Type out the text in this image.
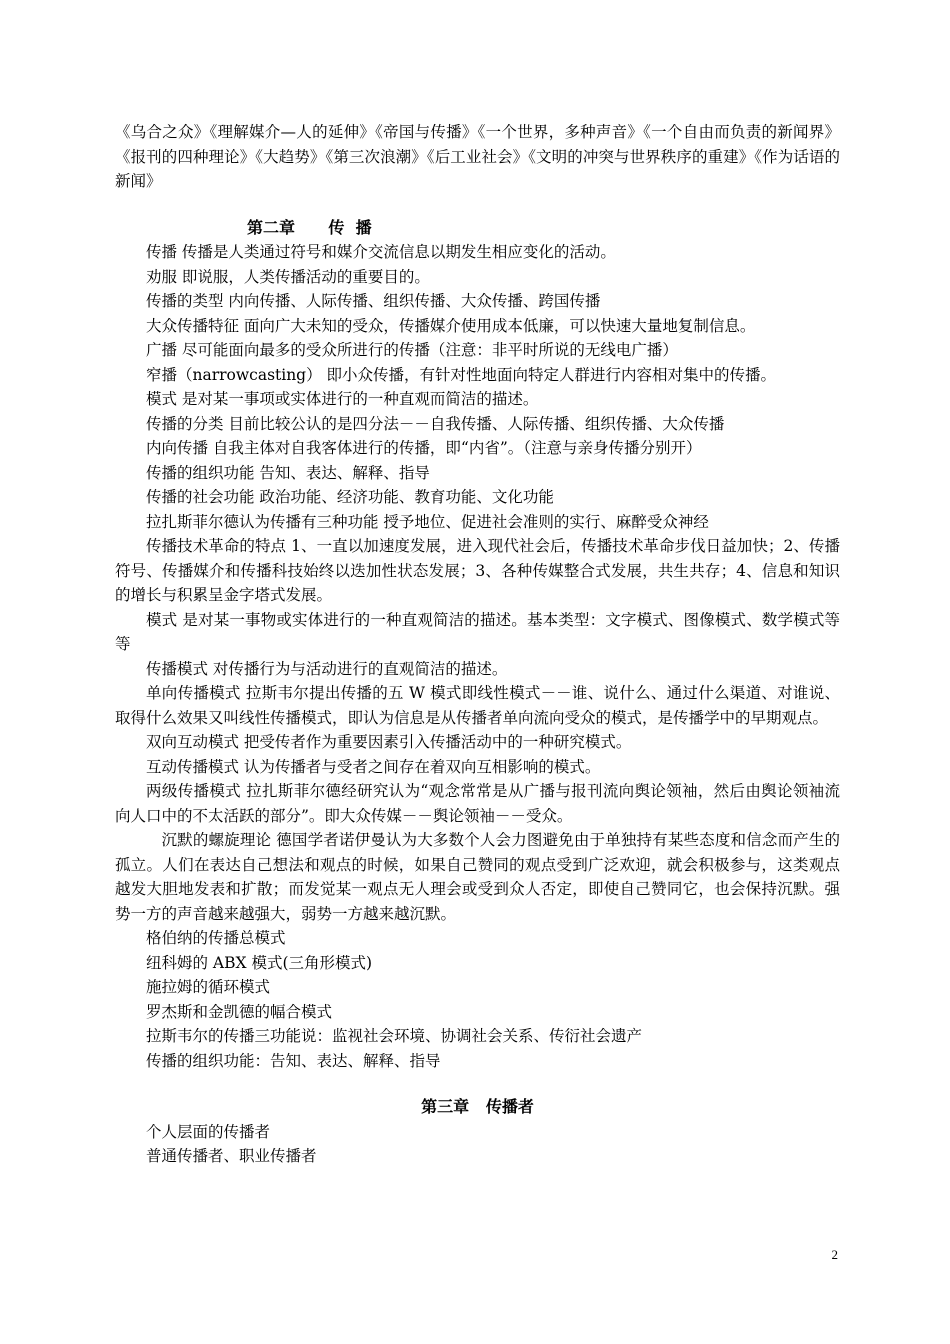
《乌合之众》《理解媒介—人的延伸》《帝国与传播》《一个世界，多种声音》《一个自由而负责的新闻界》《报刊的四种理论》《大趋势》《第三次浪潮》《后工业社会》《文明的冲突与世界秩序的重建》《作为话语的新闻》

第二章      传  播

传播 传播是人类通过符号和媒介交流信息以期发生相应变化的活动。

劝服 即说服，人类传播活动的重要目的。

传播的类型 内向传播、人际传播、组织传播、大众传播、跨国传播

大众传播特征 面向广大未知的受众，传播媒介使用成本低廉，可以快速大量地复制信息。

广播 尽可能面向最多的受众所进行的传播（注意：非平时所说的无线电广播）

窄播（narrowcasting） 即小众传播，有针对性地面向特定人群进行内容相对集中的传播。

模式 是对某一事项或实体进行的一种直观而简洁的描述。

传播的分类 目前比较公认的是四分法－－自我传播、人际传播、组织传播、大众传播

内向传播 自我主体对自我客体进行的传播，即“内省”。（注意与亲身传播分别开）

传播的组织功能 告知、表达、解释、指导

传播的社会功能 政治功能、经济功能、教育功能、文化功能

拉扎斯菲尔德认为传播有三种功能 授予地位、促进社会准则的实行、麻醉受众神经

传播技术革命的特点 1、一直以加速度发展，进入现代社会后，传播技术革命步伐日益加快；2、传播符号、传播媒介和传播科技始终以迭加性状态发展；3、各种传媒整合式发展，共生共存；4、信息和知识的增长与积累呈金字塔式发展。

模式 是对某一事物或实体进行的一种直观简洁的描述。基本类型：文字模式、图像模式、数学模式等等

传播模式 对传播行为与活动进行的直观简洁的描述。

单向传播模式 拉斯韦尔提出传播的五 W 模式即线性模式－－谁、说什么、通过什么渠道、对谁说、取得什么效果又叫线性传播模式，即认为信息是从传播者单向流向受众的模式，是传播学中的早期观点。

双向互动模式 把受传者作为重要因素引入传播活动中的一种研究模式。

互动传播模式 认为传播者与受者之间存在着双向互相影响的模式。

两级传播模式 拉扎斯菲尔德经研究认为“观念常常是从广播与报刊流向舆论领袖，然后由舆论领袖流向人口中的不太活跃的部分”。即大众传媒－－舆论领袖－－受众。

沉默的螺旋理论 德国学者诺伊曼认为大多数个人会力图避免由于单独持有某些态度和信念而产生的孤立。人们在表达自己想法和观点的时候，如果自己赞同的观点受到广泛欢迎，就会积极参与，这类观点越发大胆地发表和扩散；而发觉某一观点无人理会或受到众人否定，即使自己赞同它，也会保持沉默。强势一方的声音越来越强大，弱势一方越来越沉默。

格伯纳的传播总模式

纽科姆的 ABX 模式(三角形模式)

施拉姆的循环模式

罗杰斯和金凯德的幅合模式

拉斯韦尔的传播三功能说：监视社会环境、协调社会关系、传衍社会遗产

传播的组织功能：告知、表达、解释、指导

第三章   传播者

个人层面的传播者

普通传播者、职业传播者

2
